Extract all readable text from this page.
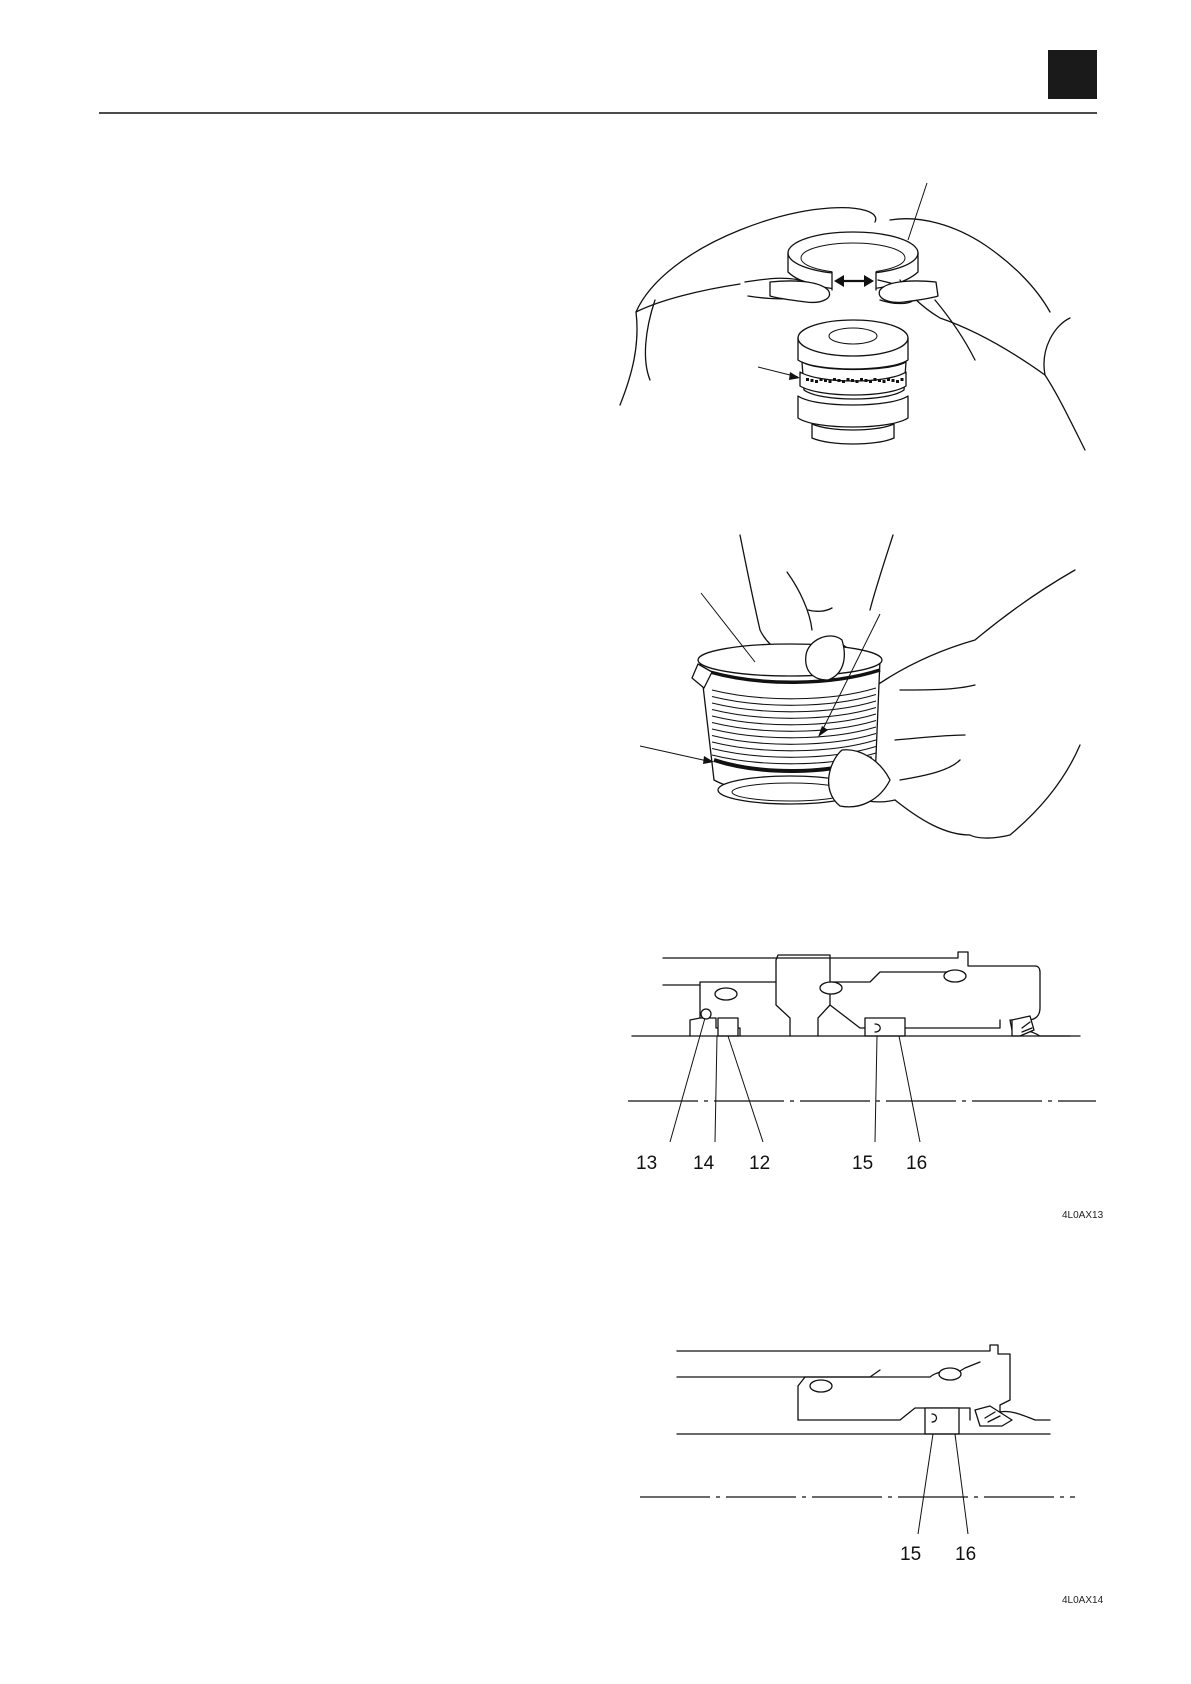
13 14 12	15 16
4L0AX13
15 16
4L0AX14
